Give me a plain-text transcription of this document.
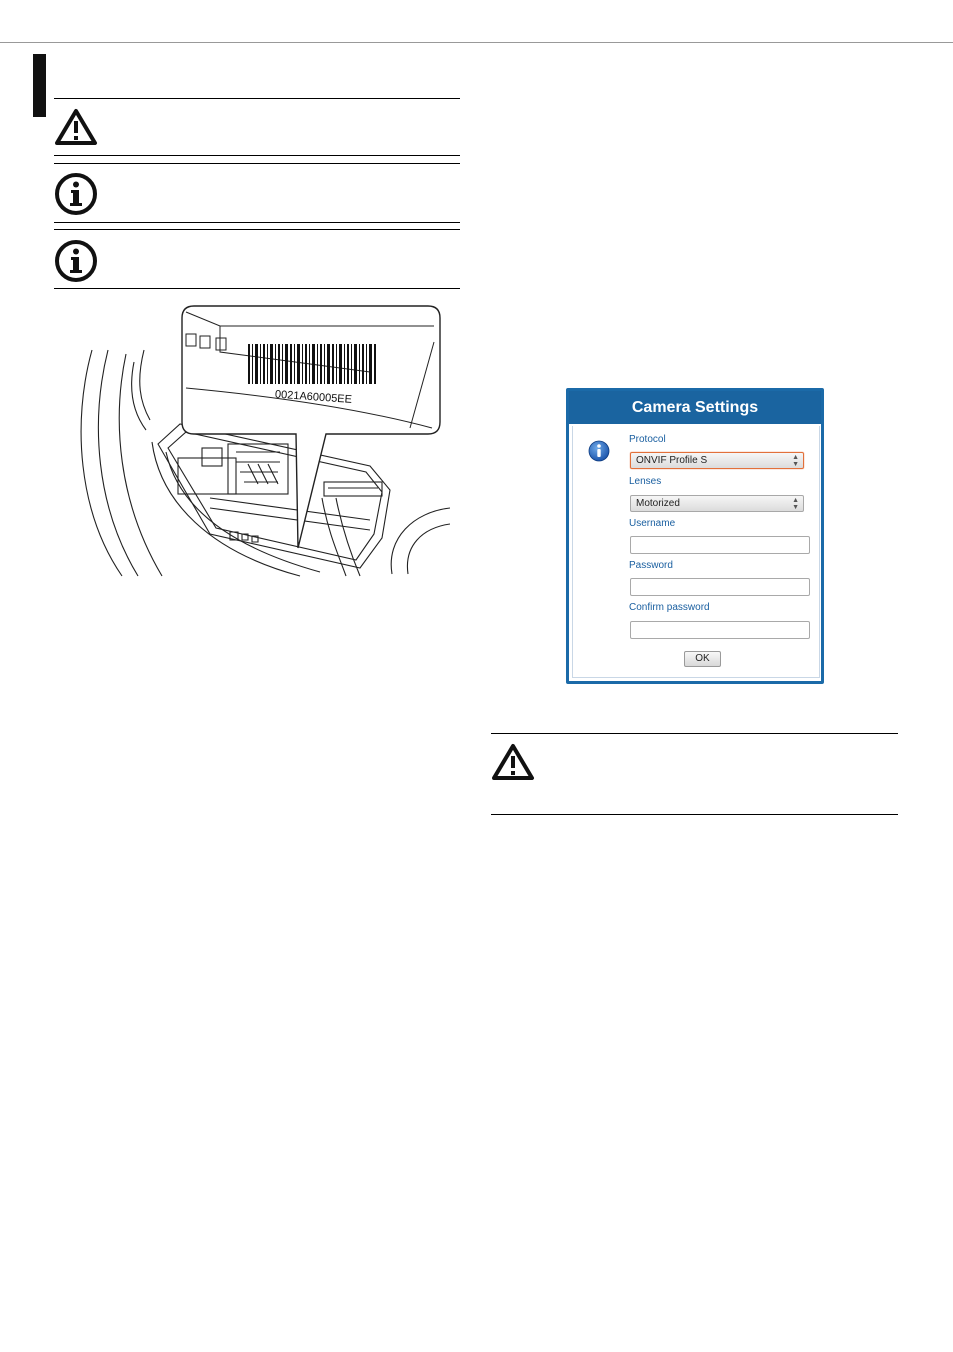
0021A60005EE
Camera Settings
Protocol
ONVIF Profile S	▲
▼
Lenses
Motorized	▲
▼
Username
Password
Confirm password
OK
